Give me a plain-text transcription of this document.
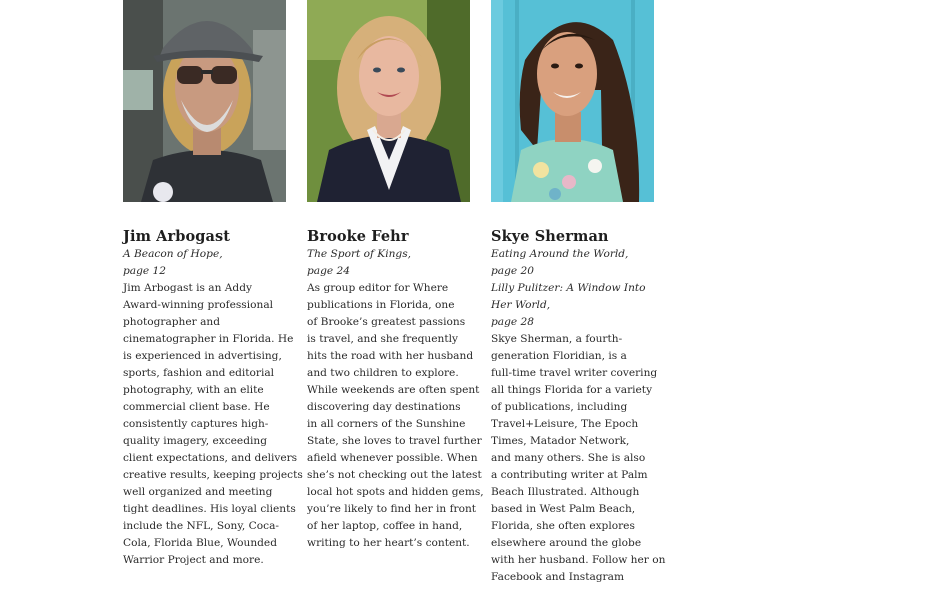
Jim Arbogast
A Beacon of Hope,
page 12
Jim Arbogast is an Addy
Award-winning professional
photographer and
cinematographer in Florida. He
is experienced in advertising,
sports, fashion and editorial
photography, with an elite
commercial client base. He
consistently captures high-
quality imagery, exceeding
client expectations, and delivers
creative results, keeping projects
well organized and meeting
tight deadlines. His loyal clients
include the NFL, Sony, Coca-
Cola, Florida Blue, Wounded
Warrior Project and more.
Brooke Fehr
The Sport of Kings,
page 24
As group editor for Where
publications in Florida, one
of Brooke’s greatest passions
is travel, and she frequently
hits the road with her husband
and two children to explore.
While weekends are often spent
discovering day destinations
in all corners of the Sunshine
State, she loves to travel further
afield whenever possible. When
she’s not checking out the latest
local hot spots and hidden gems,
you’re likely to find her in front
of her laptop, coffee in hand,
writing to her heart’s content.
Skye Sherman
Eating Around the World,
page 20
Lilly Pulitzer: A Window Into
Her World,
page 28
Skye Sherman, a fourth-
generation Floridian, is a
full-time travel writer covering
all things Florida for a variety
of publications, including
Travel+Leisure, The Epoch
Times, Matador Network,
and many others. She is also
a contributing writer at Palm
Beach Illustrated. Although
based in West Palm Beach,
Florida, she often explores
elsewhere around the globe
with her husband. Follow her on
Facebook and Instagram
